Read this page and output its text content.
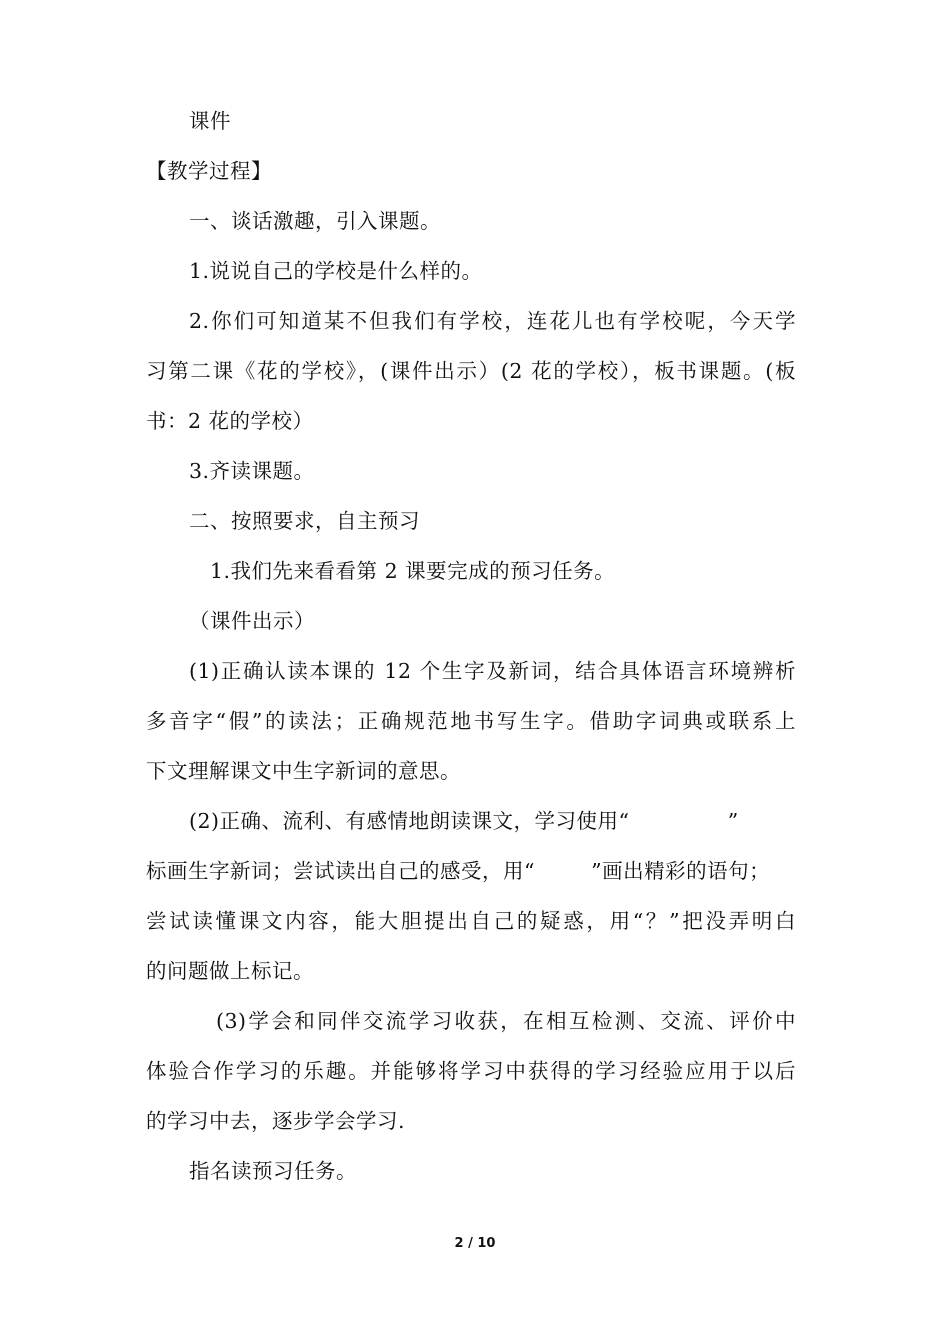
课件
【教学过程】
一、谈话激趣，引入课题。
1.说说自己的学校是什么样的。
2.你们可知道某不但我们有学校，连花儿也有学校呢，今天学
习第二课《花的学校》，(课件出示）(2 花的学校），板书课题。(板
书：2 花的学校）
3.齐读课题。
二、按照要求，自主预习
1.我们先来看看第 2 课要完成的预习任务。
（课件出示）
(1)正确认读本课的 12 个生字及新词，结合具体语言环境辨析
多音字“假”的读法；正确规范地书写生字。借助字词典或联系上
下文理解课文中生字新词的意思。
(2)正确、流利、有感情地朗读课文，学习使用“              ”
标画生字新词；尝试读出自己的感受，用“        ”画出精彩的语句；
尝试读懂课文内容，能大胆提出自己的疑惑，用“？”把没弄明白
的问题做上标记。
(3)学会和同伴交流学习收获，在相互检测、交流、评价中
体验合作学习的乐趣。并能够将学习中获得的学习经验应用于以后
的学习中去，逐步学会学习.
指名读预习任务。
2 / 10
